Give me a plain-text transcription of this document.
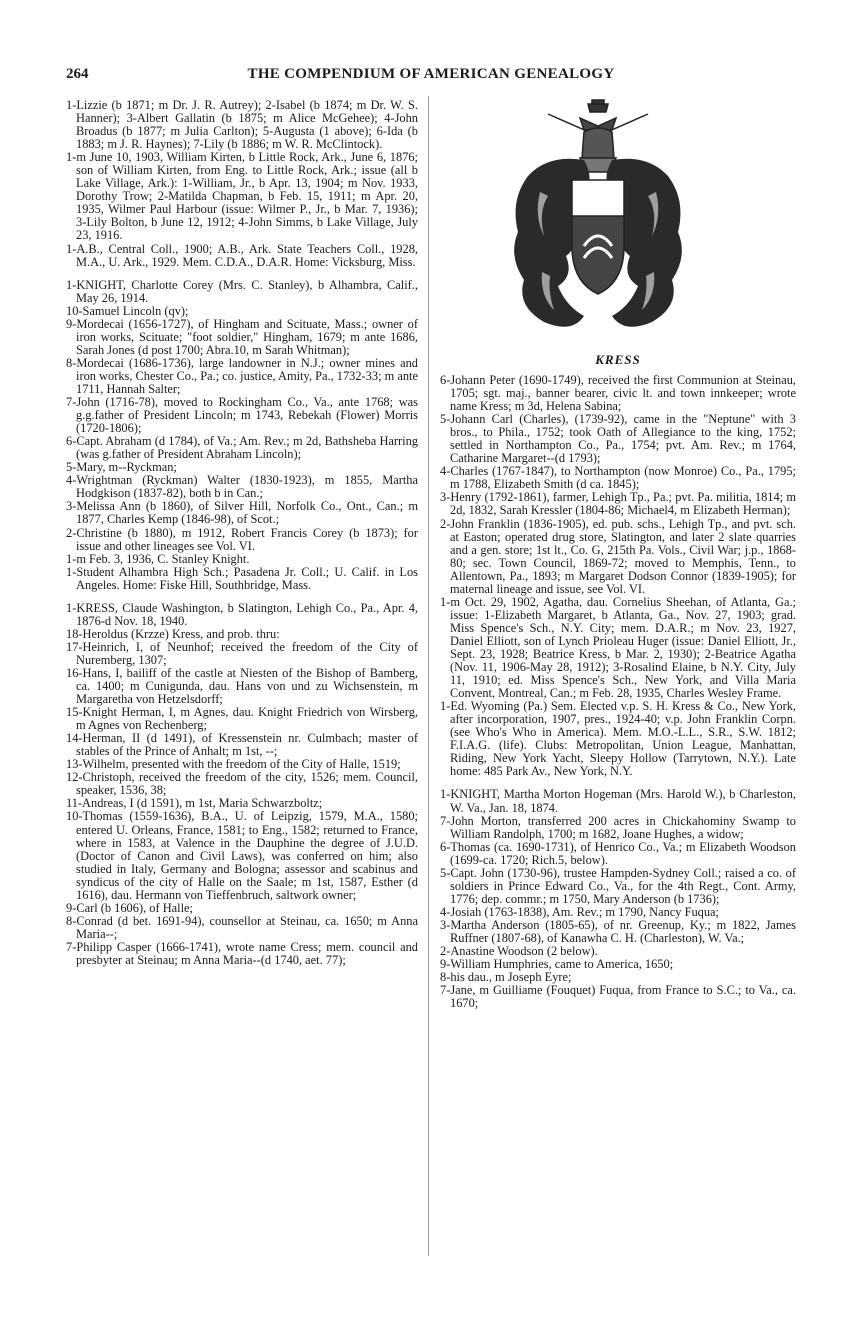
264	THE COMPENDIUM OF AMERICAN GENEALOGY

1-Lizzie (b 1871; m Dr. J. R. Autrey); 2-Isabel (b 1874; m Dr. W. S. Hanner); 3-Albert Gallatin (b 1875; m Alice McGehee); 4-John Broadus (b 1877; m Julia Carlton); 5-Augusta (1 above); 6-Ida (b 1883; m J. R. Haynes); 7-Lily (b 1886; m W. R. McClintock).

1-m June 10, 1903, William Kirten, b Little Rock, Ark., June 6, 1876; son of William Kirten, from Eng. to Little Rock, Ark.; issue (all b Lake Village, Ark.): 1-William, Jr., b Apr. 13, 1904; m Nov. 1933, Dorothy Trow; 2-Matilda Chapman, b Feb. 15, 1911; m Apr. 20, 1935, Wilmer Paul Harbour (issue: Wilmer P., Jr., b Mar. 7, 1936); 3-Lily Bolton, b June 12, 1912; 4-John Simms, b Lake Village, July 23, 1916.

1-A.B., Central Coll., 1900; A.B., Ark. State Teachers Coll., 1928, M.A., U. Ark., 1929. Mem. C.D.A., D.A.R. Home: Vicksburg, Miss.

1-KNIGHT, Charlotte Corey (Mrs. C. Stanley), b Alhambra, Calif., May 26, 1914.

10-Samuel Lincoln (qv);

9-Mordecai (1656-1727), of Hingham and Scituate, Mass.; owner of iron works, Scituate; "foot soldier," Hingham, 1679; m ante 1686, Sarah Jones (d post 1700; Abra.10, m Sarah Whitman);

8-Mordecai (1686-1736), large landowner in N.J.; owner mines and iron works, Chester Co., Pa.; co. justice, Amity, Pa., 1732-33; m ante 1711, Hannah Salter;

7-John (1716-78), moved to Rockingham Co., Va., ante 1768; was g.g.father of President Lincoln; m 1743, Rebekah (Flower) Morris (1720-1806);

6-Capt. Abraham (d 1784), of Va.; Am. Rev.; m 2d, Bathsheba Harring (was g.father of President Abraham Lincoln);

5-Mary, m--Ryckman;

4-Wrightman (Ryckman) Walter (1830-1923), m 1855, Martha Hodgkison (1837-82), both b in Can.;

3-Melissa Ann (b 1860), of Silver Hill, Norfolk Co., Ont., Can.; m 1877, Charles Kemp (1846-98), of Scot.;

2-Christine (b 1880), m 1912, Robert Francis Corey (b 1873); for issue and other lineages see Vol. VI.

1-m Feb. 3, 1936, C. Stanley Knight.

1-Student Alhambra High Sch.; Pasadena Jr. Coll.; U. Calif. in Los Angeles. Home: Fiske Hill, Southbridge, Mass.

1-KRESS, Claude Washington, b Slatington, Lehigh Co., Pa., Apr. 4, 1876-d Nov. 18, 1940.

18-Heroldus (Krzze) Kress, and prob. thru:

17-Heinrich, I, of Neunhof; received the freedom of the City of Nuremberg, 1307;

16-Hans, I, bailiff of the castle at Niesten of the Bishop of Bamberg, ca. 1400; m Cunigunda, dau. Hans von und zu Wichsenstein, m Margaretha von Hetzelsdorff;

15-Knight Herman, I, m Agnes, dau. Knight Friedrich von Wirsberg, m Agnes von Rechenberg;

14-Herman, II (d 1491), of Kressenstein nr. Culmbach; master of stables of the Prince of Anhalt; m 1st, --;

13-Wilhelm, presented with the freedom of the City of Halle, 1519;

12-Christoph, received the freedom of the city, 1526; mem. Council, speaker, 1536, 38;

11-Andreas, I (d 1591), m 1st, Maria Schwarzboltz;

10-Thomas (1559-1636), B.A., U. of Leipzig, 1579, M.A., 1580; entered U. Orleans, France, 1581; to Eng., 1582; returned to France, where in 1583, at Valence in the Dauphine the degree of J.U.D. (Doctor of Canon and Civil Laws), was conferred on him; also studied in Italy, Germany and Bologna; assessor and scabinus and syndicus of the city of Halle on the Saale; m 1st, 1587, Esther (d 1616), dau. Hermann von Tieffenbruch, saltwork owner;

9-Carl (b 1606), of Halle;

8-Conrad (d bet. 1691-94), counsellor at Steinau, ca. 1650; m Anna Maria--;

7-Philipp Casper (1666-1741), wrote name Cress; mem. council and presbyter at Steinau; m Anna Maria--(d 1740, aet. 77);

KRESS

6-Johann Peter (1690-1749), received the first Communion at Steinau, 1705; sgt. maj., banner bearer, civic lt. and town innkeeper; wrote name Kress; m 3d, Helena Sabina;

5-Johann Carl (Charles), (1739-92), came in the "Neptune" with 3 bros., to Phila., 1752; took Oath of Allegiance to the king, 1752; settled in Northampton Co., Pa., 1754; pvt. Am. Rev.; m 1764, Catharine Margaret--(d 1793);

4-Charles (1767-1847), to Northampton (now Monroe) Co., Pa., 1795; m 1788, Elizabeth Smith (d ca. 1845);

3-Henry (1792-1861), farmer, Lehigh Tp., Pa.; pvt. Pa. militia, 1814; m 2d, 1832, Sarah Kressler (1804-86; Michael4, m Elizabeth Herman);

2-John Franklin (1836-1905), ed. pub. schs., Lehigh Tp., and pvt. sch. at Easton; operated drug store, Slatington, and later 2 slate quarries and a gen. store; 1st lt., Co. G, 215th Pa. Vols., Civil War; j.p., 1868-80; sec. Town Council, 1869-72; moved to Memphis, Tenn., to Allentown, Pa., 1893; m Margaret Dodson Connor (1839-1905); for maternal lineage and issue, see Vol. VI.

1-m Oct. 29, 1902, Agatha, dau. Cornelius Sheehan, of Atlanta, Ga.; issue: 1-Elizabeth Margaret, b Atlanta, Ga., Nov. 27, 1903; grad. Miss Spence's Sch., N.Y. City; mem. D.A.R.; m Nov. 23, 1927, Daniel Elliott, son of Lynch Prioleau Huger (issue: Daniel Elliott, Jr., Sept. 23, 1928; Beatrice Kress, b Mar. 2, 1930); 2-Beatrice Agatha (Nov. 11, 1906-May 28, 1912); 3-Rosalind Elaine, b N.Y. City, July 11, 1910; ed. Miss Spence's Sch., New York, and Villa Maria Convent, Montreal, Can.; m Feb. 28, 1935, Charles Wesley Frame.

1-Ed. Wyoming (Pa.) Sem. Elected v.p. S. H. Kress & Co., New York, after incorporation, 1907, pres., 1924-40; v.p. John Franklin Corpn. (see Who's Who in America). Mem. M.O.-L.L., S.R., S.W. 1812; F.I.A.G. (life). Clubs: Metropolitan, Union League, Manhattan, Riding, New York Yacht, Sleepy Hollow (Tarrytown, N.Y.). Late home: 485 Park Av., New York, N.Y.

1-KNIGHT, Martha Morton Hogeman (Mrs. Harold W.), b Charleston, W. Va., Jan. 18, 1874.

7-John Morton, transferred 200 acres in Chickahominy Swamp to William Randolph, 1700; m 1682, Joane Hughes, a widow;

6-Thomas (ca. 1690-1731), of Henrico Co., Va.; m Elizabeth Woodson (1699-ca. 1720; Rich.5, below).

5-Capt. John (1730-96), trustee Hampden-Sydney Coll.; raised a co. of soldiers in Prince Edward Co., Va., for the 4th Regt., Cont. Army, 1776; dep. commr.; m 1750, Mary Anderson (b 1736);

4-Josiah (1763-1838), Am. Rev.; m 1790, Nancy Fuqua;

3-Martha Anderson (1805-65), of nr. Greenup, Ky.; m 1822, James Ruffner (1807-68), of Kanawha C. H. (Charleston), W. Va.;

2-Anastine Woodson (2 below).

9-William Humphries, came to America, 1650;

8-his dau., m Joseph Eyre;

7-Jane, m Guilliame (Fouquet) Fuqua, from France to S.C.; to Va., ca. 1670;
